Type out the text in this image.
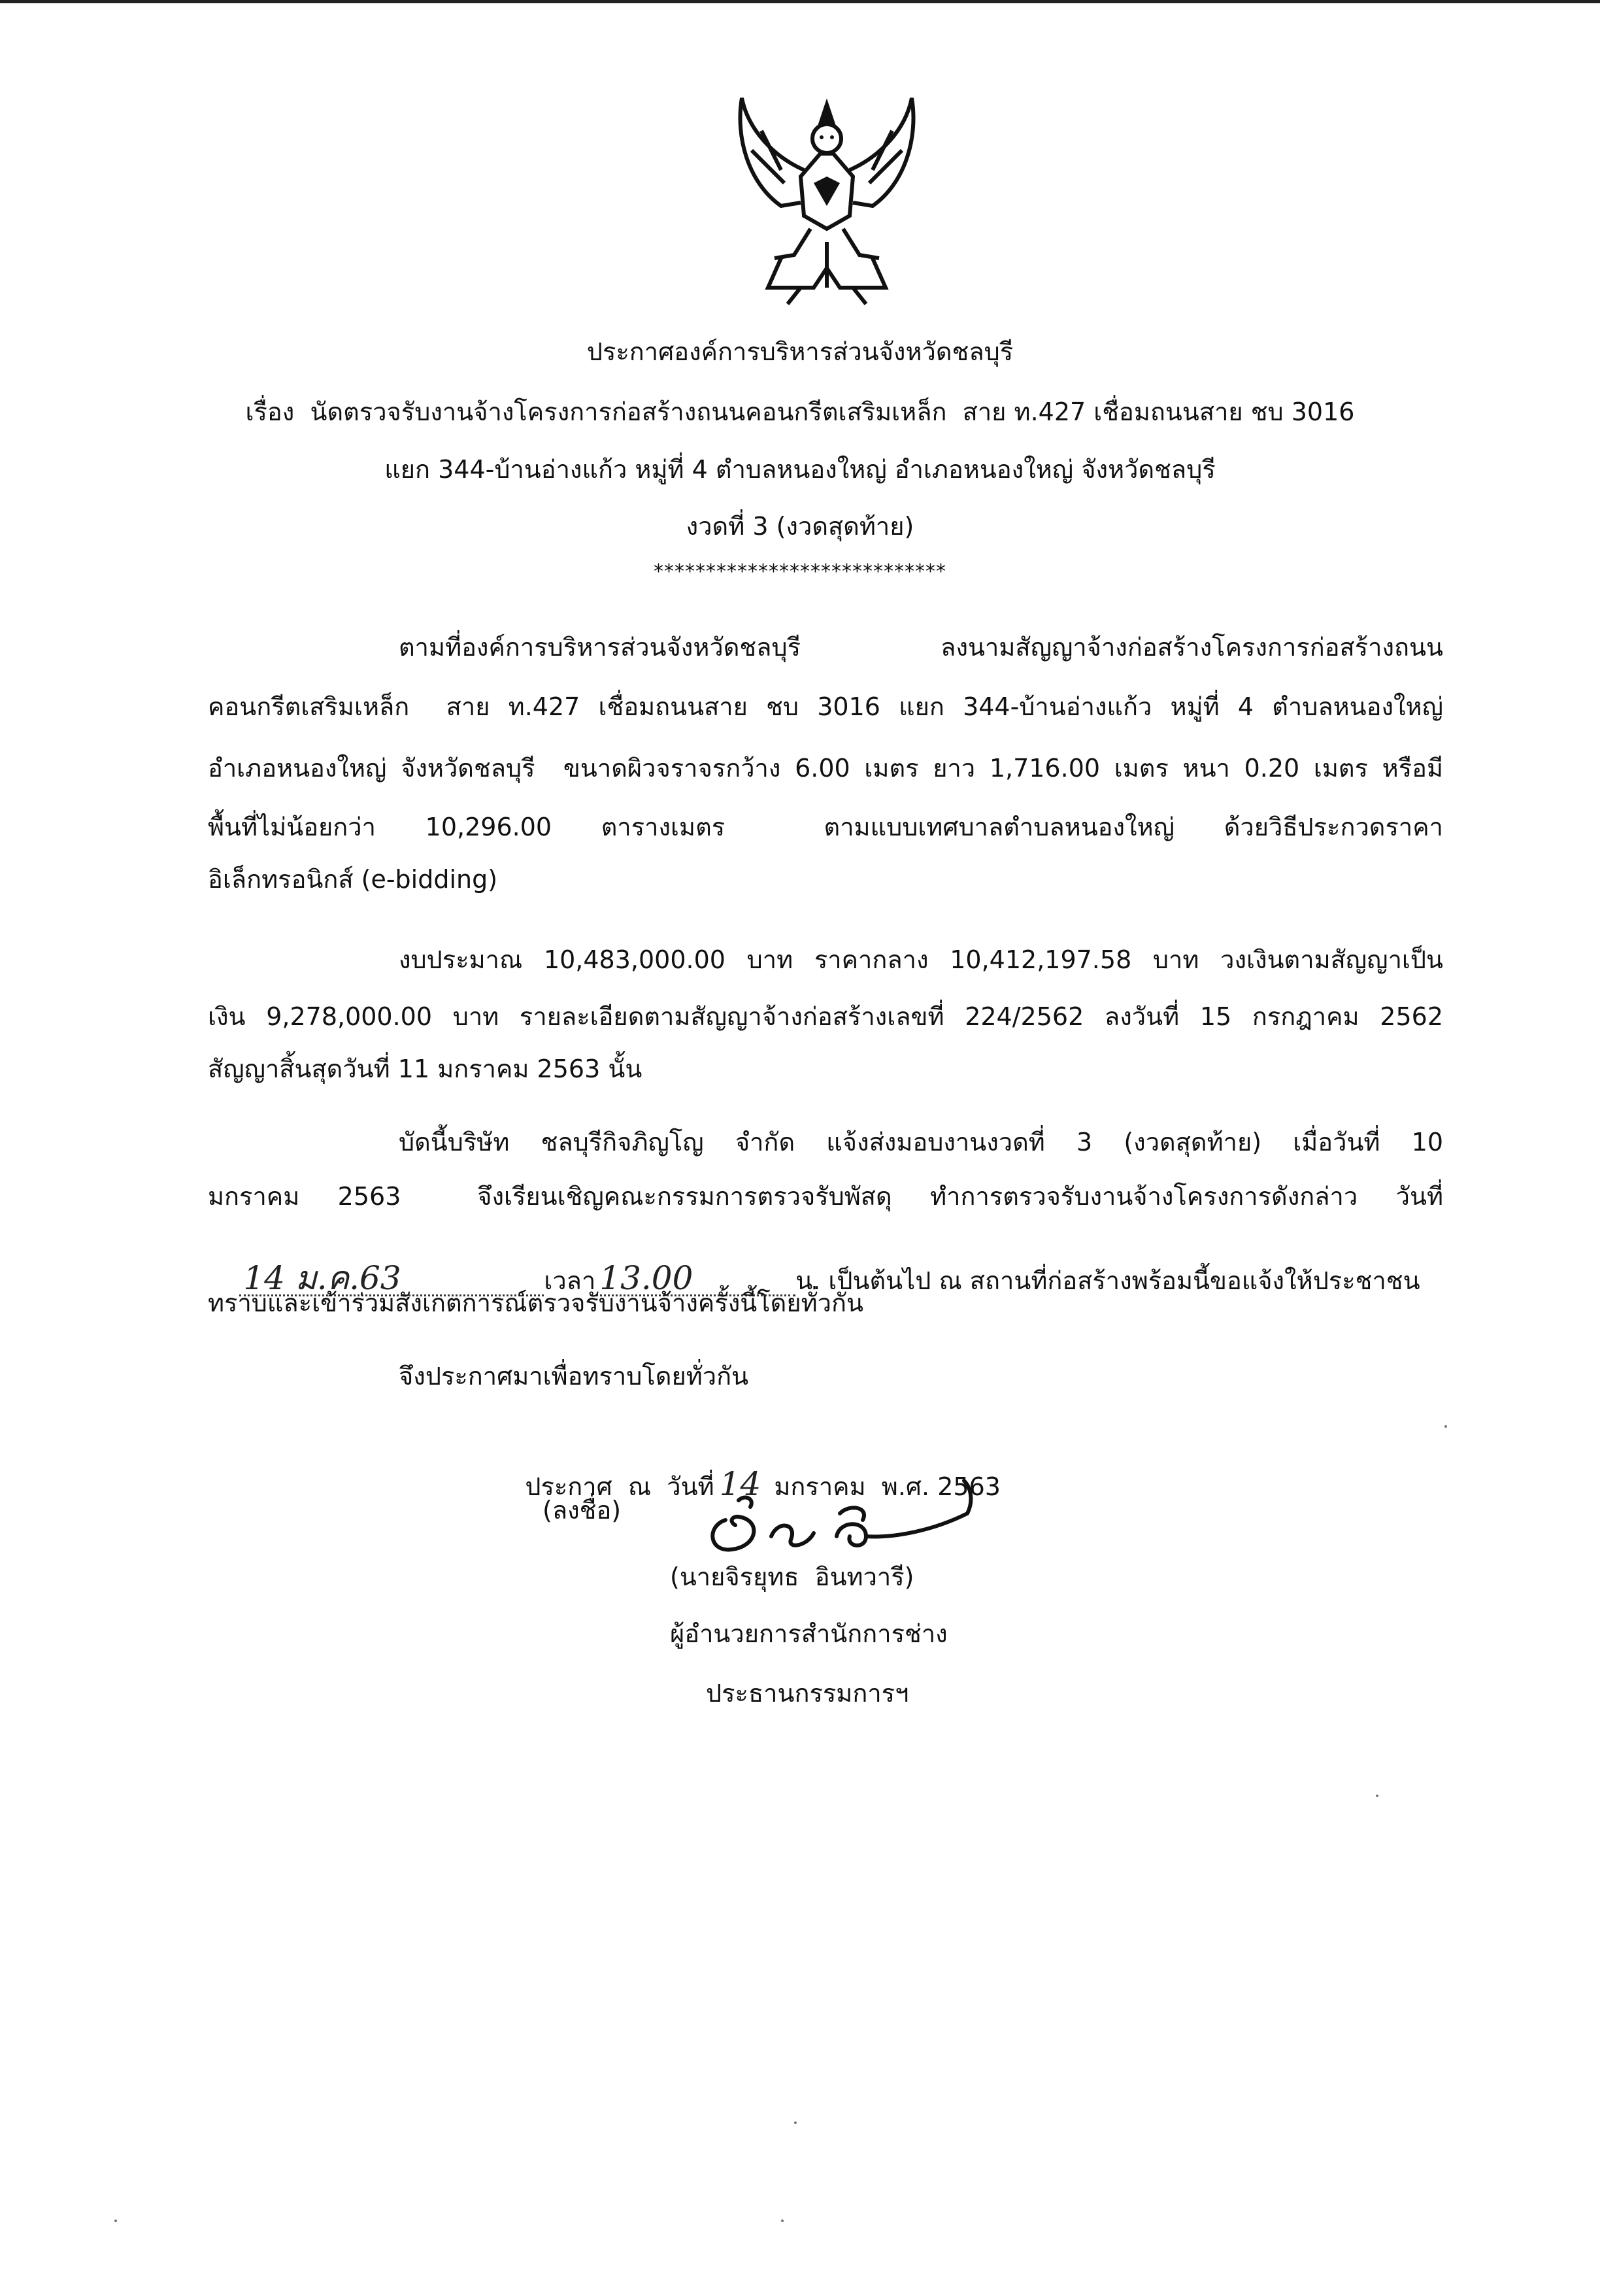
ประกาศองค์การบริหารส่วนจังหวัดชลบุรี
เรื่อง  นัดตรวจรับงานจ้างโครงการก่อสร้างถนนคอนกรีตเสริมเหล็ก  สาย ท.427 เชื่อมถนนสาย ชบ 3016
แยก 344-บ้านอ่างแก้ว หมู่ที่ 4 ตำบลหนองใหญ่ อำเภอหนองใหญ่ จังหวัดชลบุรี
งวดที่ 3 (งวดสุดท้าย)
****************************
ตามที่องค์การบริหารส่วนจังหวัดชลบุรี ลงนามสัญญาจ้างก่อสร้างโครงการก่อสร้างถนน
คอนกรีตเสริมเหล็ก  สาย ท.427 เชื่อมถนนสาย ชบ 3016 แยก 344-บ้านอ่างแก้ว หมู่ที่ 4 ตำบลหนองใหญ่
อำเภอหนองใหญ่ จังหวัดชลบุรี  ขนาดผิวจราจรกว้าง 6.00 เมตร ยาว 1,716.00 เมตร หนา 0.20 เมตร หรือมี
พื้นที่ไม่น้อยกว่า 10,296.00 ตารางเมตร  ตามแบบเทศบาลตำบลหนองใหญ่ ด้วยวิธีประกวดราคา
อิเล็กทรอนิกส์ (e-bidding)
งบประมาณ 10,483,000.00 บาท ราคากลาง 10,412,197.58 บาท วงเงินตามสัญญาเป็น
เงิน 9,278,000.00 บาท รายละเอียดตามสัญญาจ้างก่อสร้างเลขที่ 224/2562 ลงวันที่ 15 กรกฎาคม 2562
สัญญาสิ้นสุดวันที่ 11 มกราคม 2563 นั้น
บัดนี้บริษัท ชลบุรีกิจภิญโญ จำกัด แจ้งส่งมอบงานงวดที่ 3 (งวดสุดท้าย) เมื่อวันที่ 10
มกราคม 2563  จึงเรียนเชิญคณะกรรมการตรวจรับพัสดุ ทำการตรวจรับงานจ้างโครงการดังกล่าว วันที่

14 ม.ค.63	เวลา 13.00	น. เป็นต้นไป ณ สถานที่ก่อสร้างพร้อมนี้ขอแจ้งให้ประชาชน

ทราบและเข้าร่วมสังเกตการณ์ตรวจรับงานจ้างครั้งนี้โดยทั่วกัน
จึงประกาศมาเพื่อทราบโดยทั่วกัน

ประกาศ  ณ  วันที่ 14 มกราคม  พ.ศ. 2563

(ลงชื่อ)
(นายจิรยุทธ  อินทวารี)
ผู้อำนวยการสำนักการช่าง
ประธานกรรมการฯ
